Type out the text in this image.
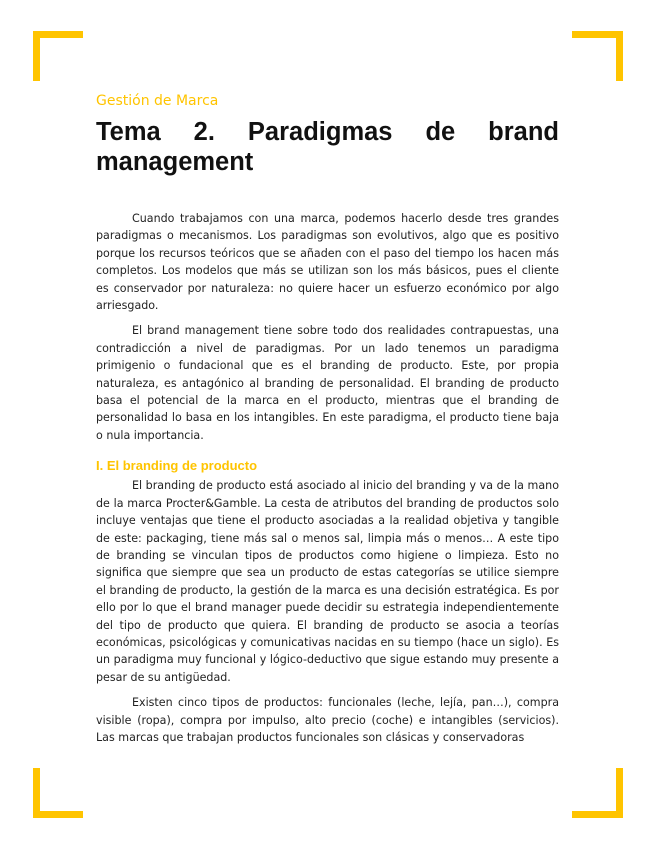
Gestión de Marca

Tema 2. Paradigmas de brand management

Cuando trabajamos con una marca, podemos hacerlo desde tres grandes paradigmas o mecanismos. Los paradigmas son evolutivos, algo que es positivo porque los recursos teóricos que se añaden con el paso del tiempo los hacen más completos. Los modelos que más se utilizan son los más básicos, pues el cliente es conservador por naturaleza: no quiere hacer un esfuerzo económico por algo arriesgado.

El brand management tiene sobre todo dos realidades contrapuestas, una contradicción a nivel de paradigmas. Por un lado tenemos un paradigma primigenio o fundacional que es el branding de producto. Este, por propia naturaleza, es antagónico al branding de personalidad. El branding de producto basa el potencial de la marca en el producto, mientras que el branding de personalidad lo basa en los intangibles. En este paradigma, el producto tiene baja o nula importancia.

I. El branding de producto

El branding de producto está asociado al inicio del branding y va de la mano de la marca Procter&Gamble. La cesta de atributos del branding de productos solo incluye ventajas que tiene el producto asociadas a la realidad objetiva y tangible de este: packaging, tiene más sal o menos sal, limpia más o menos… A este tipo de branding se vinculan tipos de productos como higiene o limpieza. Esto no significa que siempre que sea un producto de estas categorías se utilice siempre el branding de producto, la gestión de la marca es una decisión estratégica. Es por ello por lo que el brand manager puede decidir su estrategia independientemente del tipo de producto que quiera. El branding de producto se asocia a teorías económicas, psicológicas y comunicativas nacidas en su tiempo (hace un siglo). Es un paradigma muy funcional y lógico-deductivo que sigue estando muy presente a pesar de su antigüedad.

Existen cinco tipos de productos: funcionales (leche, lejía, pan…), compra visible (ropa), compra por impulso, alto precio (coche) e intangibles (servicios). Las marcas que trabajan productos funcionales son clásicas y conservadoras
